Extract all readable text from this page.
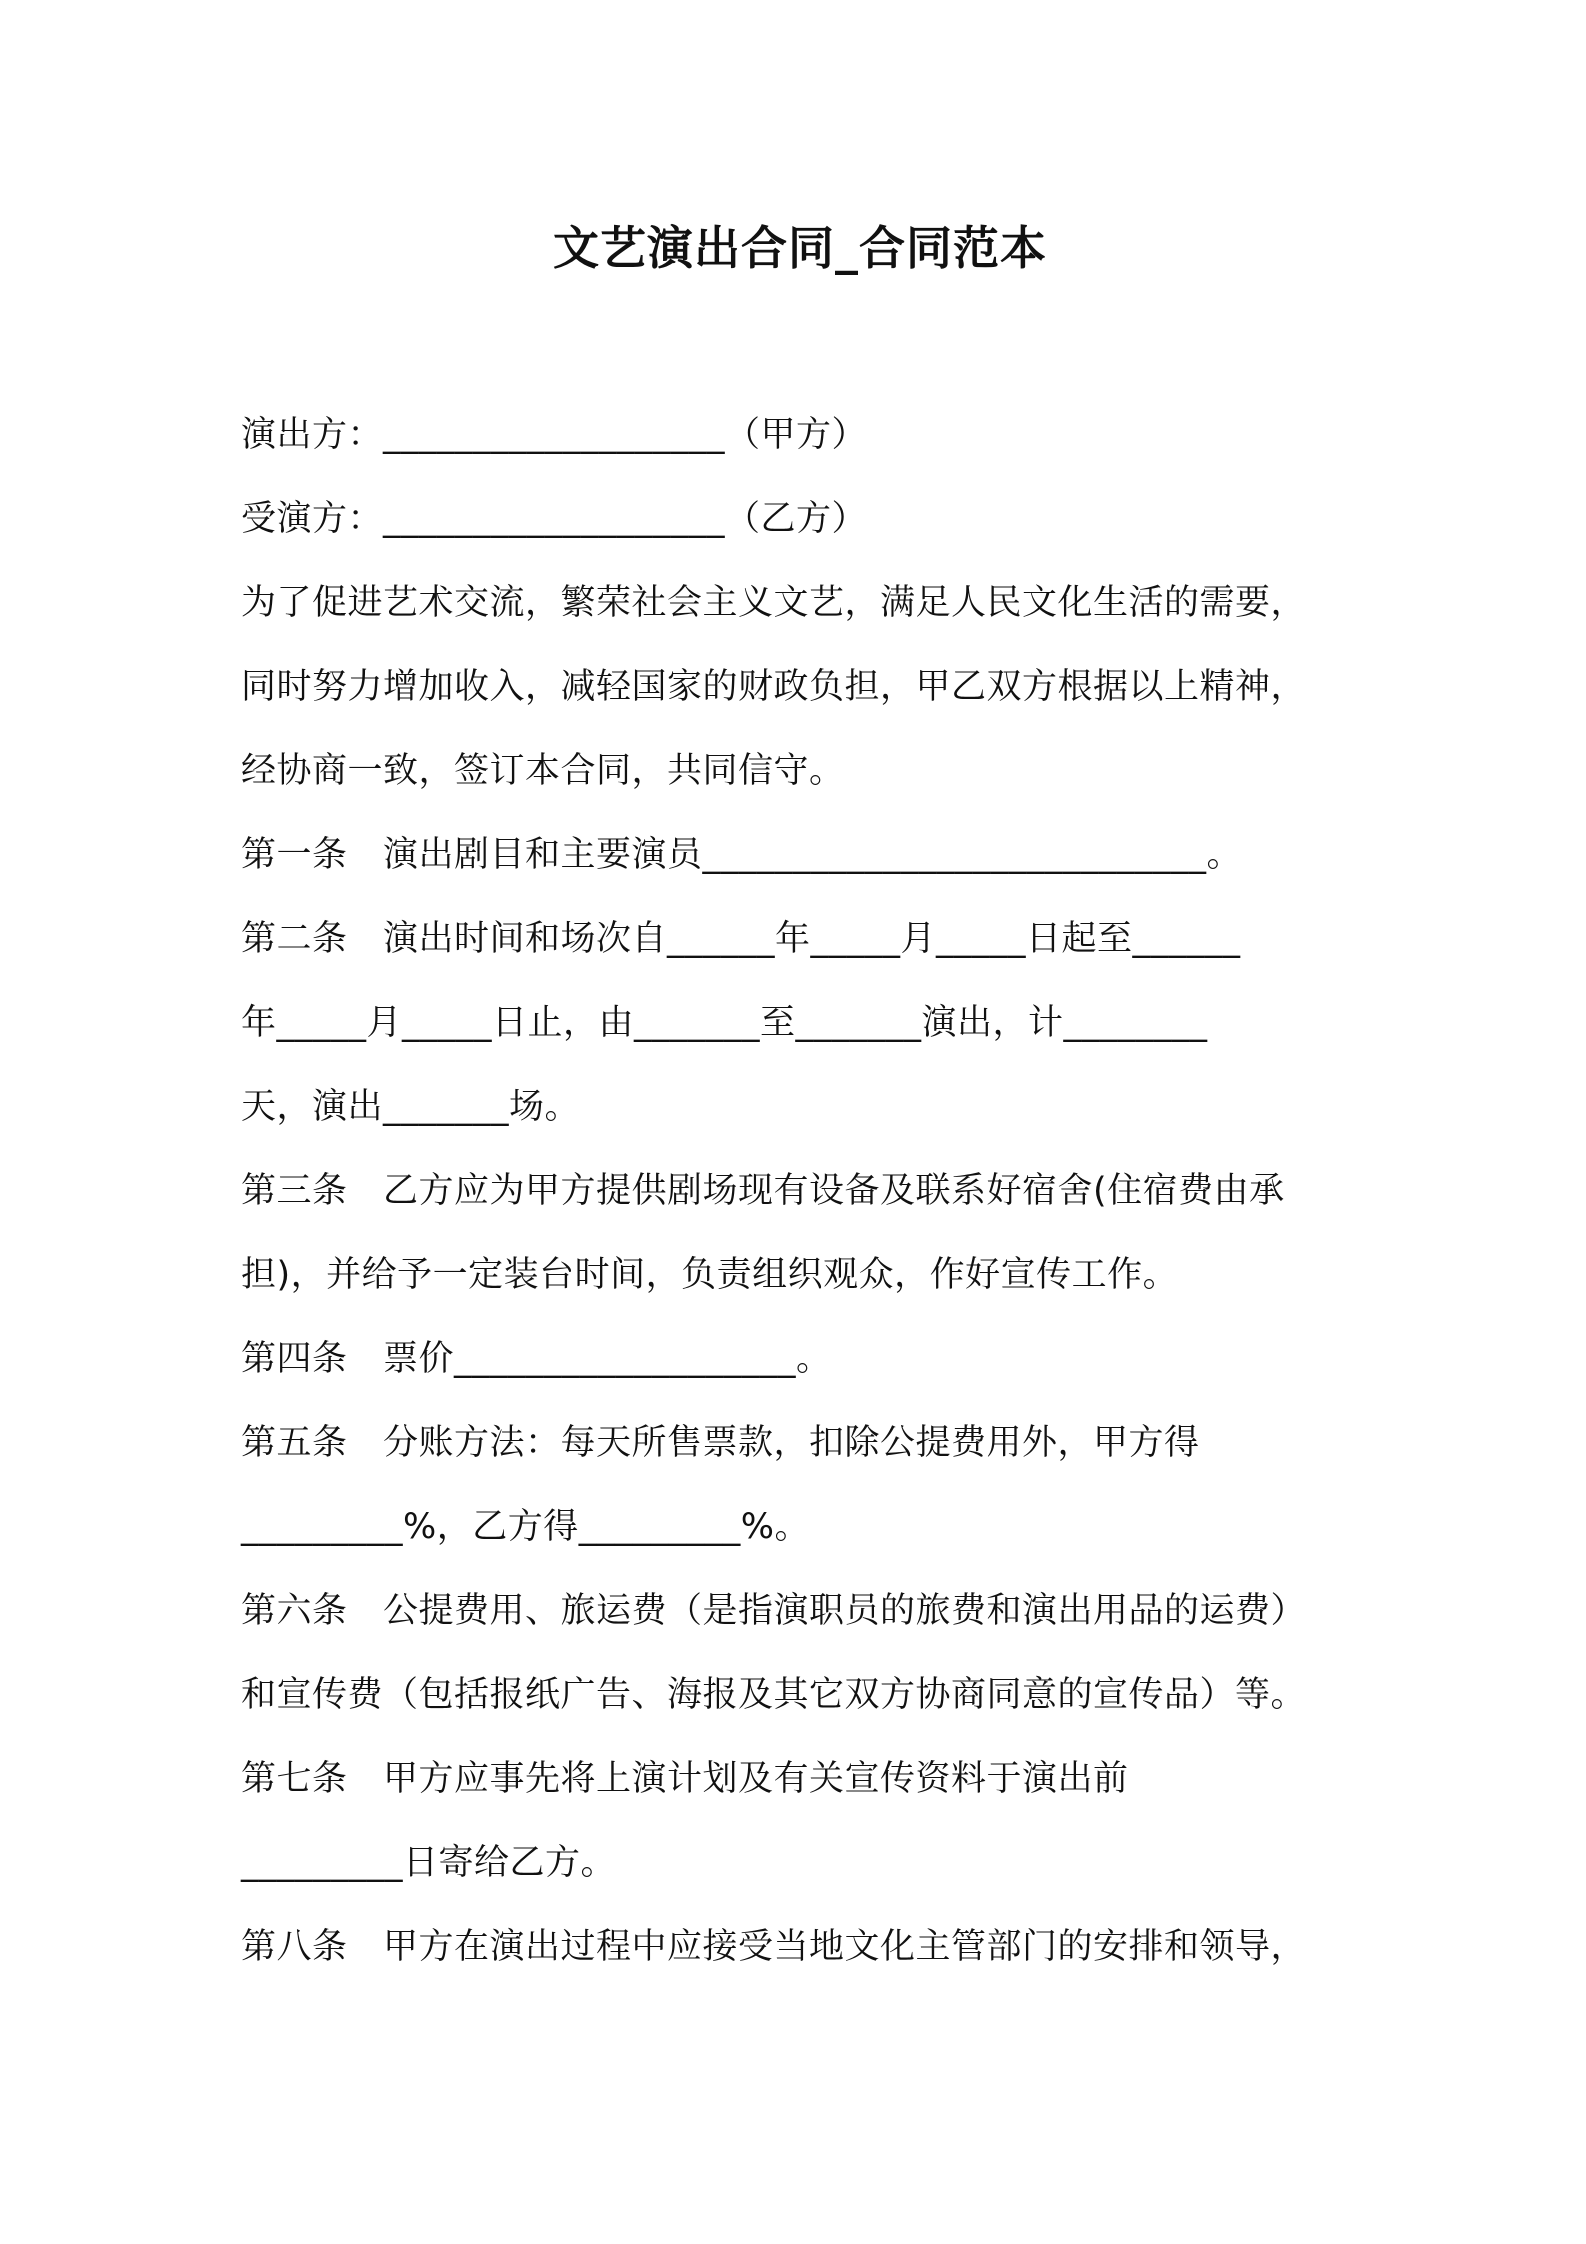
文艺演出合同_合同范本
演出方：___________________（甲方）
受演方：___________________（乙方）
为了促进艺术交流，繁荣社会主义文艺，满足人民文化生活的需要，
同时努力增加收入，减轻国家的财政负担，甲乙双方根据以上精神，
经协商一致，签订本合同，共同信守。
第一条　演出剧目和主要演员____________________________。
第二条　演出时间和场次自______年_____月_____日起至______
年_____月_____日止，由_______至_______演出，计________
天，演出_______场。
第三条　乙方应为甲方提供剧场现有设备及联系好宿舍(住宿费由承
担)，并给予一定装台时间，负责组织观众，作好宣传工作。
第四条　票价___________________。
第五条　分账方法：每天所售票款，扣除公提费用外，甲方得
_________%，乙方得_________%。
第六条　公提费用、旅运费（是指演职员的旅费和演出用品的运费）
和宣传费（包括报纸广告、海报及其它双方协商同意的宣传品）等。
第七条　甲方应事先将上演计划及有关宣传资料于演出前
_________日寄给乙方。
第八条　甲方在演出过程中应接受当地文化主管部门的安排和领导，
